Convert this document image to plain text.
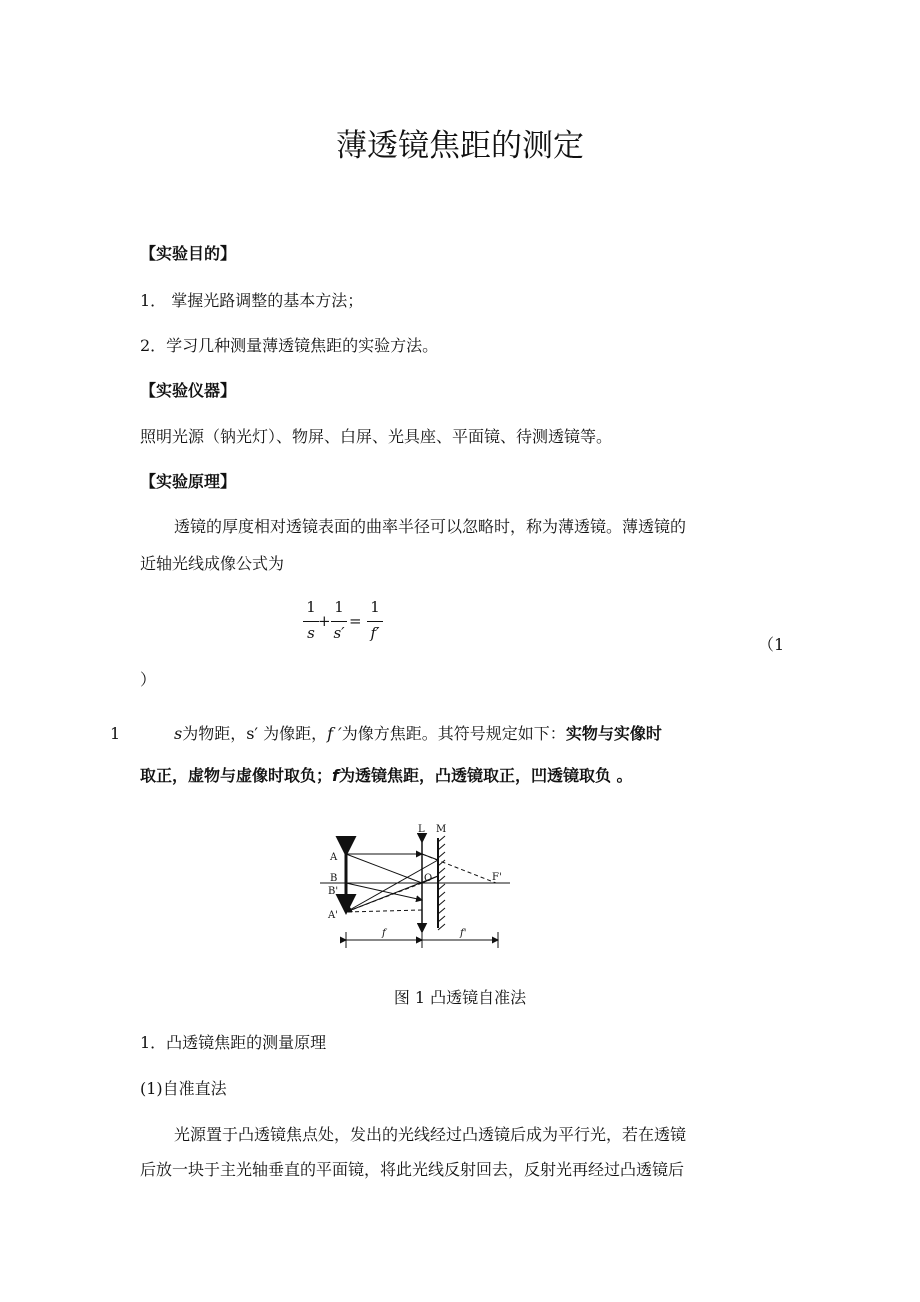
薄透镜焦距的测定
【实验目的】
1． 掌握光路调整的基本方法；
2．学习几种测量薄透镜焦距的实验方法。
【实验仪器】
照明光源（钠光灯）、物屏、白屏、光具座、平面镜、待测透镜等。
【实验原理】
透镜的厚度相对透镜表面的曲率半径可以忽略时，称为薄透镜。薄透镜的
近轴光线成像公式为
1
s
+
1
s′
=
1
f′
（1
）
1	s为物距，s′ 为像距，f ′为像方焦距。其符号规定如下：实物与实像时
取正，虚物与虚像时取负；f为透镜焦距，凸透镜取正，凹透镜取负 。
L M
A
B
B'
A'
O	F'
f	f'
图 1 凸透镜自准法
1．凸透镜焦距的测量原理
(1)自准直法
光源置于凸透镜焦点处，发出的光线经过凸透镜后成为平行光，若在透镜
后放一块于主光轴垂直的平面镜，将此光线反射回去，反射光再经过凸透镜后
